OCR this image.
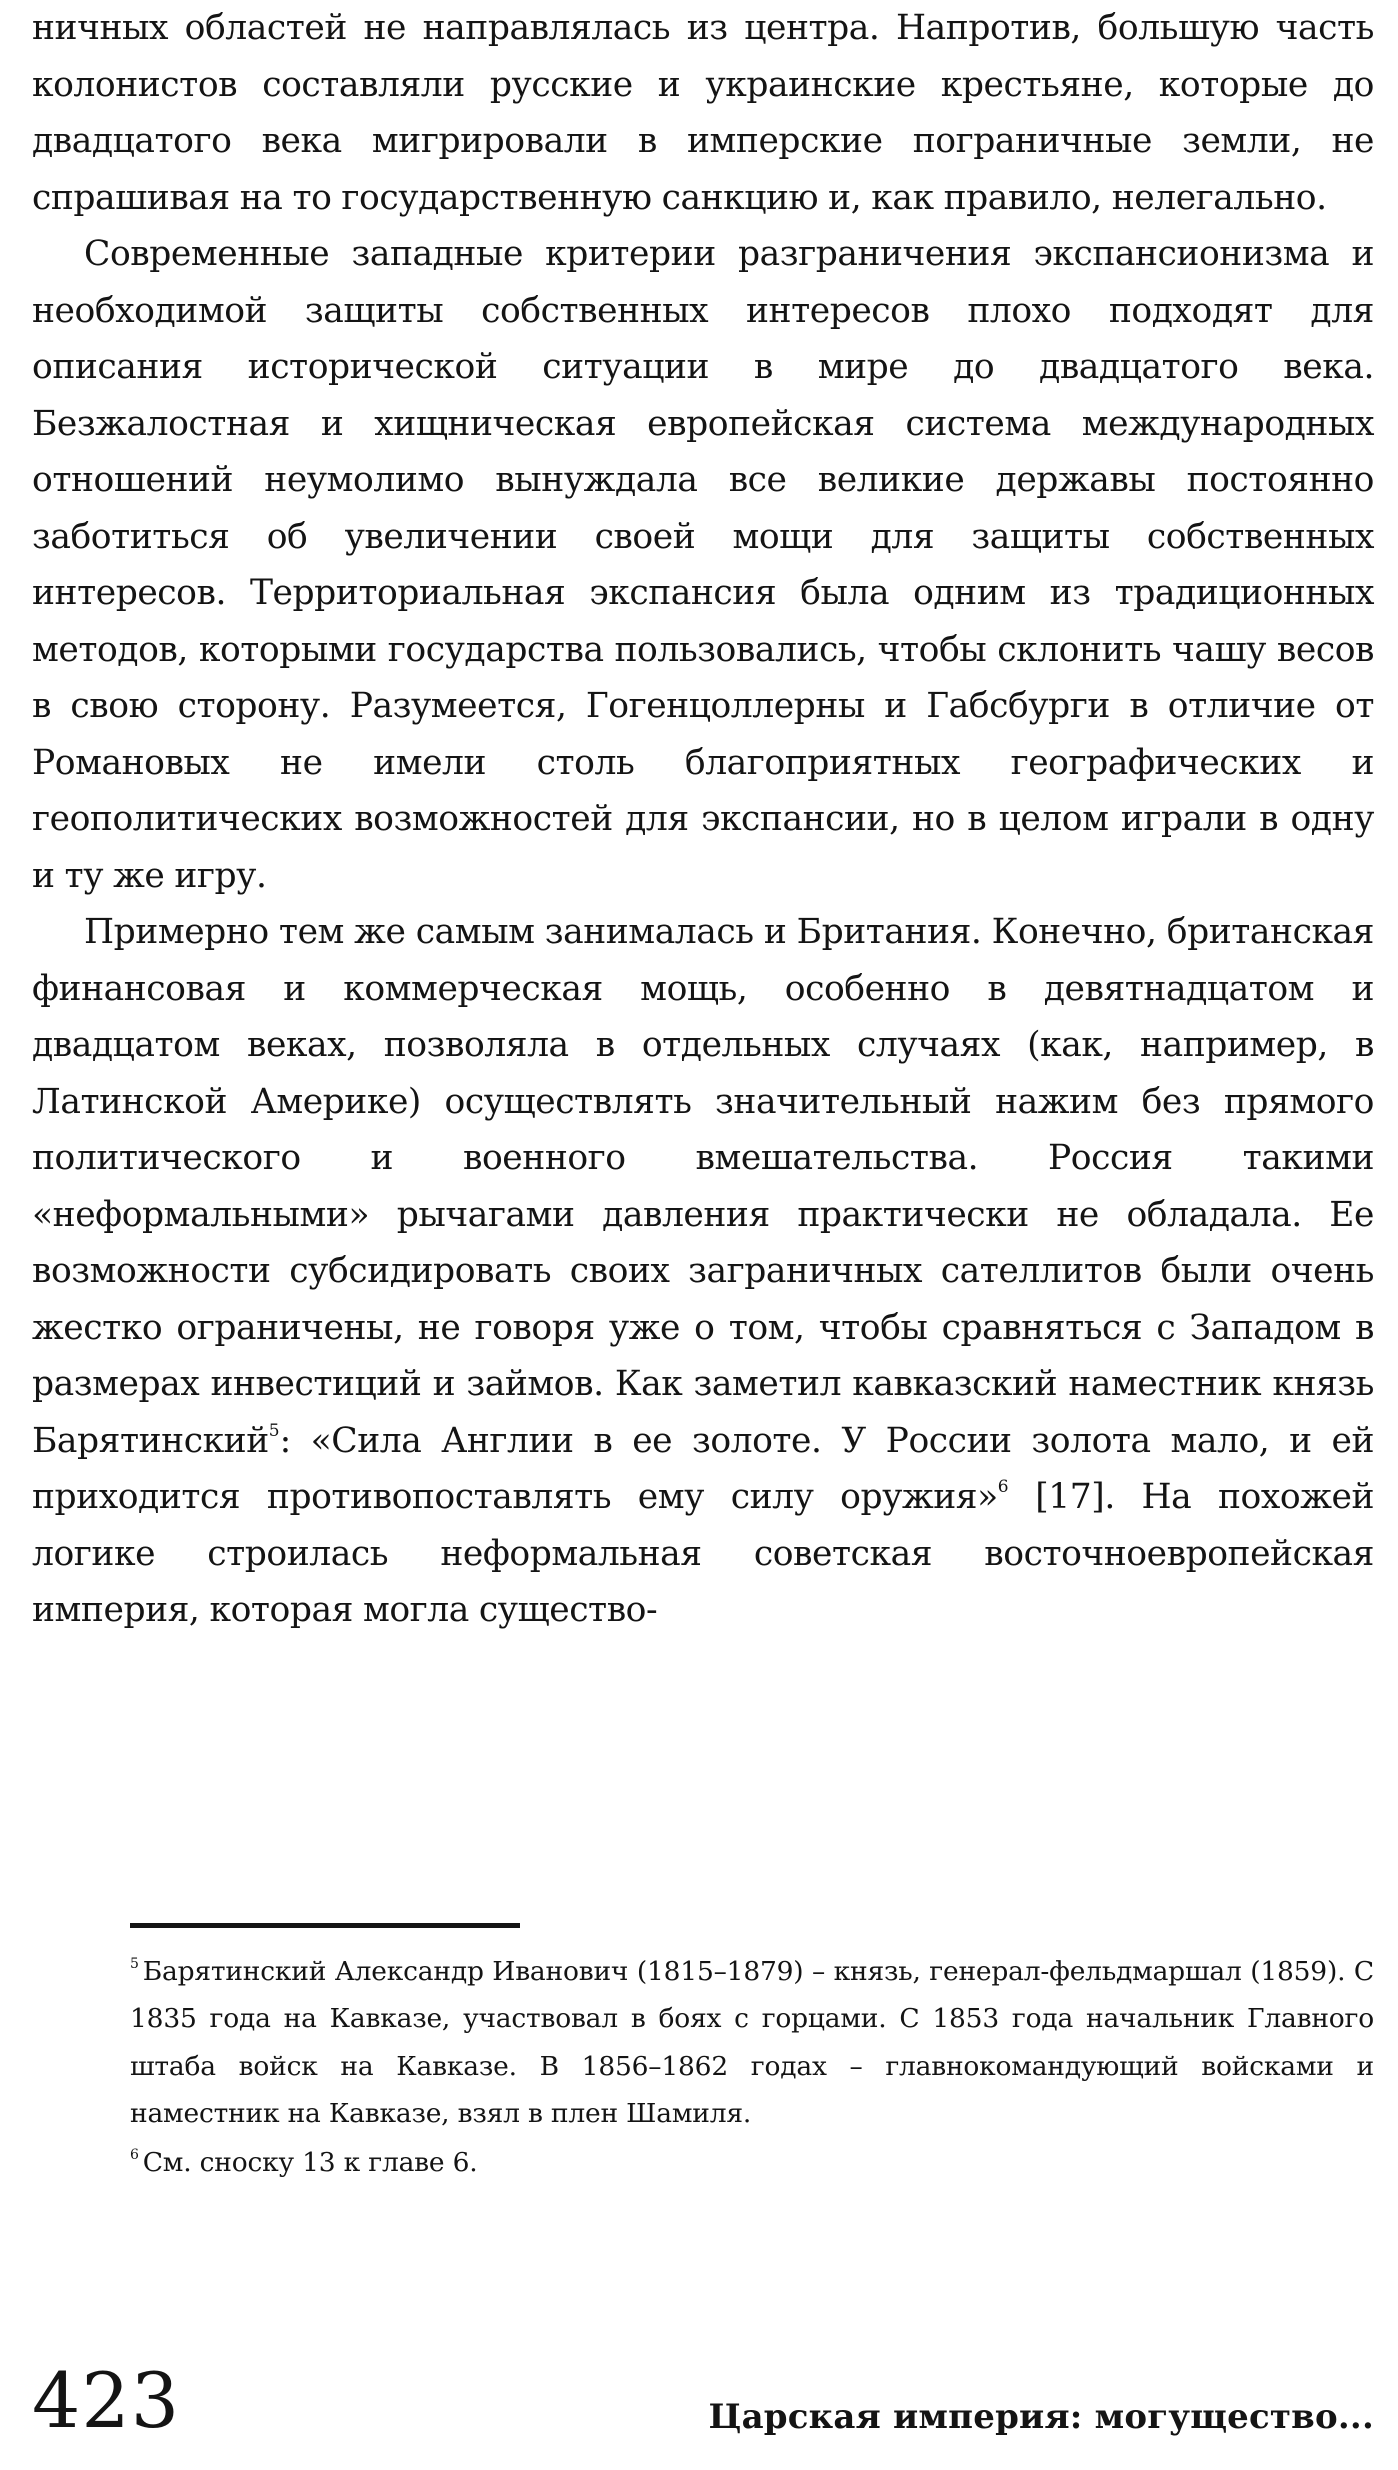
ничных областей не направлялась из центра. Напротив, большую часть колонистов составляли русские и украинские крестьяне, которые до двадцатого века мигрировали в имперские пограничные земли, не спрашивая на то государственную санкцию и, как правило, нелегально.

Современные западные критерии разграничения экспансионизма и необходимой защиты собственных интересов плохо подходят для описания исторической ситуации в мире до двадцатого века. Безжалостная и хищническая европейская система международных отношений неумолимо вынуждала все великие державы постоянно заботиться об увеличении своей мощи для защиты собственных интересов. Территориальная экспансия была одним из традиционных методов, которыми государства пользовались, чтобы склонить чашу весов в свою сторону. Разумеется, Гогенцоллерны и Габсбурги в отличие от Романовых не имели столь благоприятных географических и геополитических возможностей для экспансии, но в целом играли в одну и ту же игру.

Примерно тем же самым занималась и Британия. Конечно, британская финансовая и коммерческая мощь, особенно в девятнадцатом и двадцатом веках, позволяла в отдельных случаях (как, например, в Латинской Америке) осуществлять значительный нажим без прямого политического и военного вмешательства. Россия такими «неформальными» рычагами давления практически не обладала. Ее возможности субсидировать своих заграничных сателлитов были очень жестко ограничены, не говоря уже о том, чтобы сравняться с Западом в размерах инвестиций и займов. Как заметил кавказский наместник князь Барятинский$^5$: «Сила Англии в ее золоте. У России золота мало, и ей приходится противопоставлять ему силу оружия»$^6$ [17]. На похожей логике строилась неформальная советская восточноевропейская империя, которая могла существо-

$^5$ Барятинский Александр Иванович (1815–1879) – князь, генерал-фельдмаршал (1859). С 1835 года на Кавказе, участвовал в боях с горцами. С 1853 года начальник Главного штаба войск на Кавказе. В 1856–1862 годах – главнокомандующий войсками и наместник на Кавказе, взял в плен Шамиля.

$^6$ См. сноску 13 к главе 6.

423	Царская империя: могущество...
